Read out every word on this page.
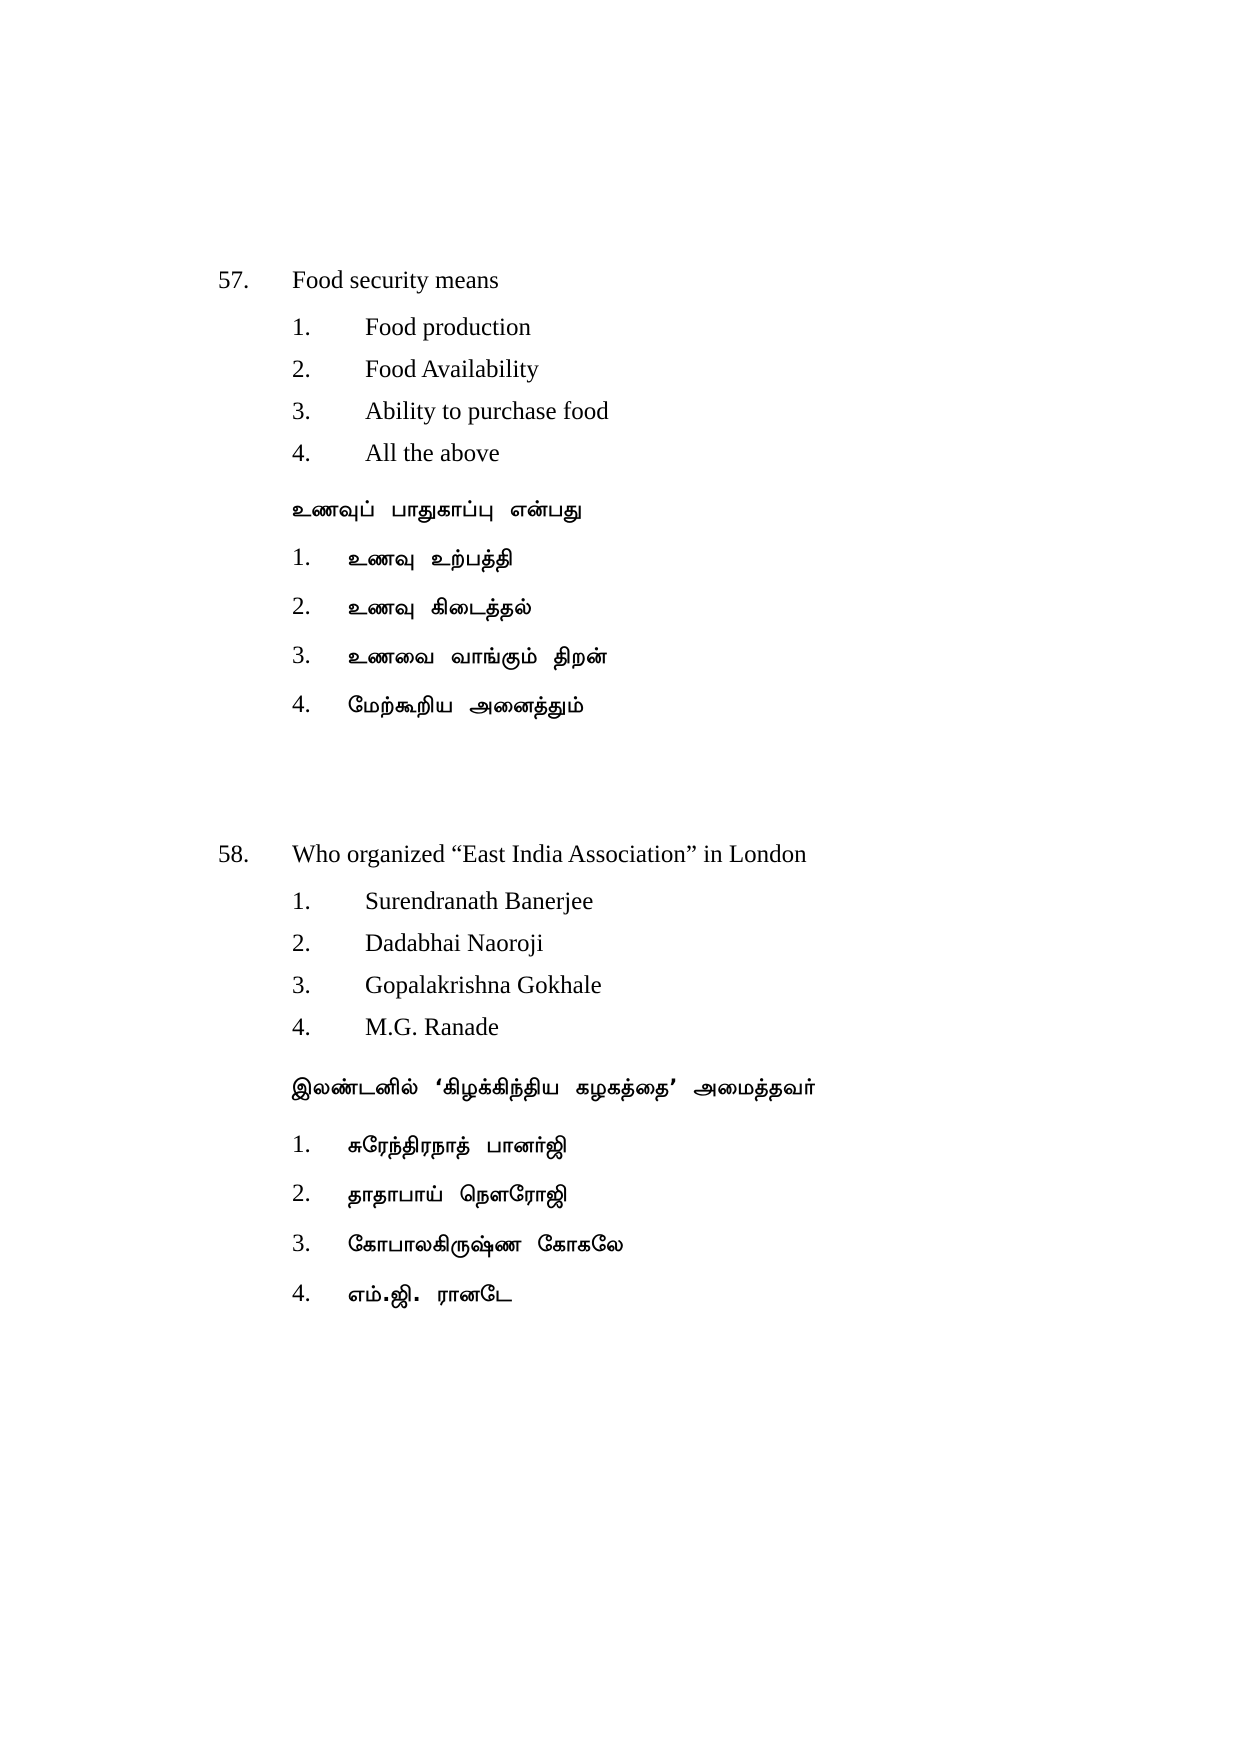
57. Food security means
1. Food production
2. Food Availability
3. Ability to purchase food
4. All the above
உணவுப் பாதுகாப்பு என்பது
1. உணவு உற்பத்தி
2. உணவு கிடைத்தல்
3. உணவை வாங்கும் திறன்
4. மேற்கூறிய அனைத்தும்
58. Who organized “East India Association” in London
1. Surendranath Banerjee
2. Dadabhai Naoroji
3. Gopalakrishna Gokhale
4. M.G. Ranade
இலண்டனில் ‘கிழக்கிந்திய கழகத்தை’ அமைத்தவர்
1. சுரேந்திரநாத் பானர்ஜி
2. தாதாபாய் நௌரோஜி
3. கோபாலகிருஷ்ண கோகலே
4. எம்.ஜி. ரானடே
